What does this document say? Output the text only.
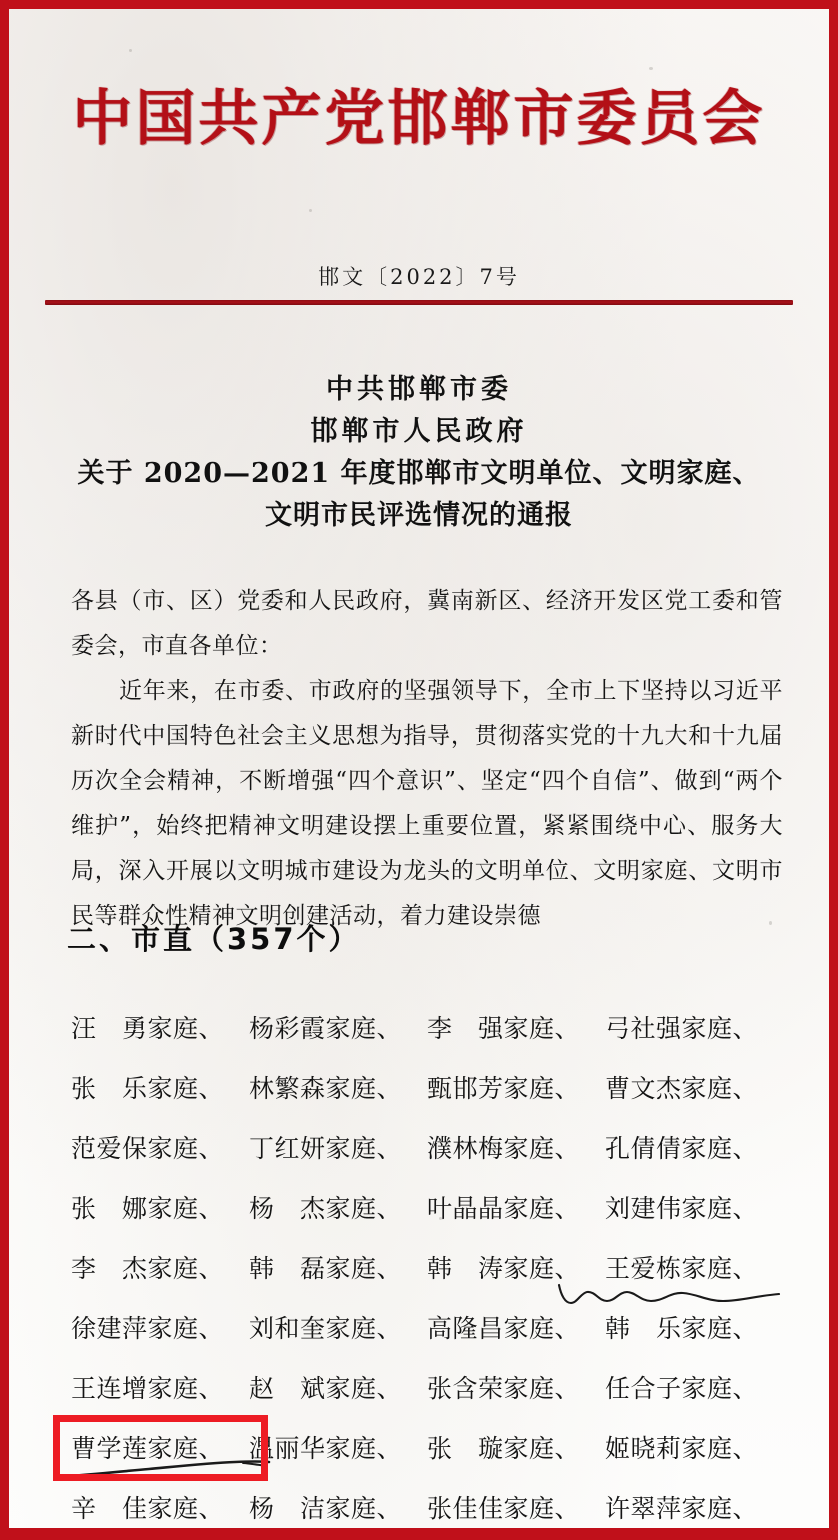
中国共产党邯郸市委员会
邯文〔2022〕7号
中共邯郸市委
邯郸市人民政府
关于 2020—2021 年度邯郸市文明单位、文明家庭、
文明市民评选情况的通报

各县（市、区）党委和人民政府，冀南新区、经济开发区党工委和管委会，市直各单位：

近年来，在市委、市政府的坚强领导下，全市上下坚持以习近平新时代中国特色社会主义思想为指导，贯彻落实党的十九大和十九届历次全会精神，不断增强“四个意识”、坚定“四个自信”、做到“两个维护”，始终把精神文明建设摆上重要位置，紧紧围绕中心、服务大局，深入开展以文明城市建设为龙头的文明单位、文明家庭、文明市民等群众性精神文明创建活动，着力建设崇德

二、市直（357个）
汪　勇家庭、 杨彩霞家庭、 李　强家庭、 弓社强家庭、
张　乐家庭、 林繁森家庭、 甄邯芳家庭、 曹文杰家庭、
范爱保家庭、 丁红妍家庭、 濮林梅家庭、 孔倩倩家庭、
张　娜家庭、 杨　杰家庭、 叶晶晶家庭、 刘建伟家庭、
李　杰家庭、 韩　磊家庭、 韩　涛家庭、 王爱栋家庭、
徐建萍家庭、 刘和奎家庭、 高隆昌家庭、 韩　乐家庭、
王连增家庭、 赵　斌家庭、 张含荣家庭、 任合子家庭、
曹学莲家庭、 温丽华家庭、 张　璇家庭、 姬晓莉家庭、
辛　佳家庭、 杨　洁家庭、 张佳佳家庭、 许翠萍家庭、
